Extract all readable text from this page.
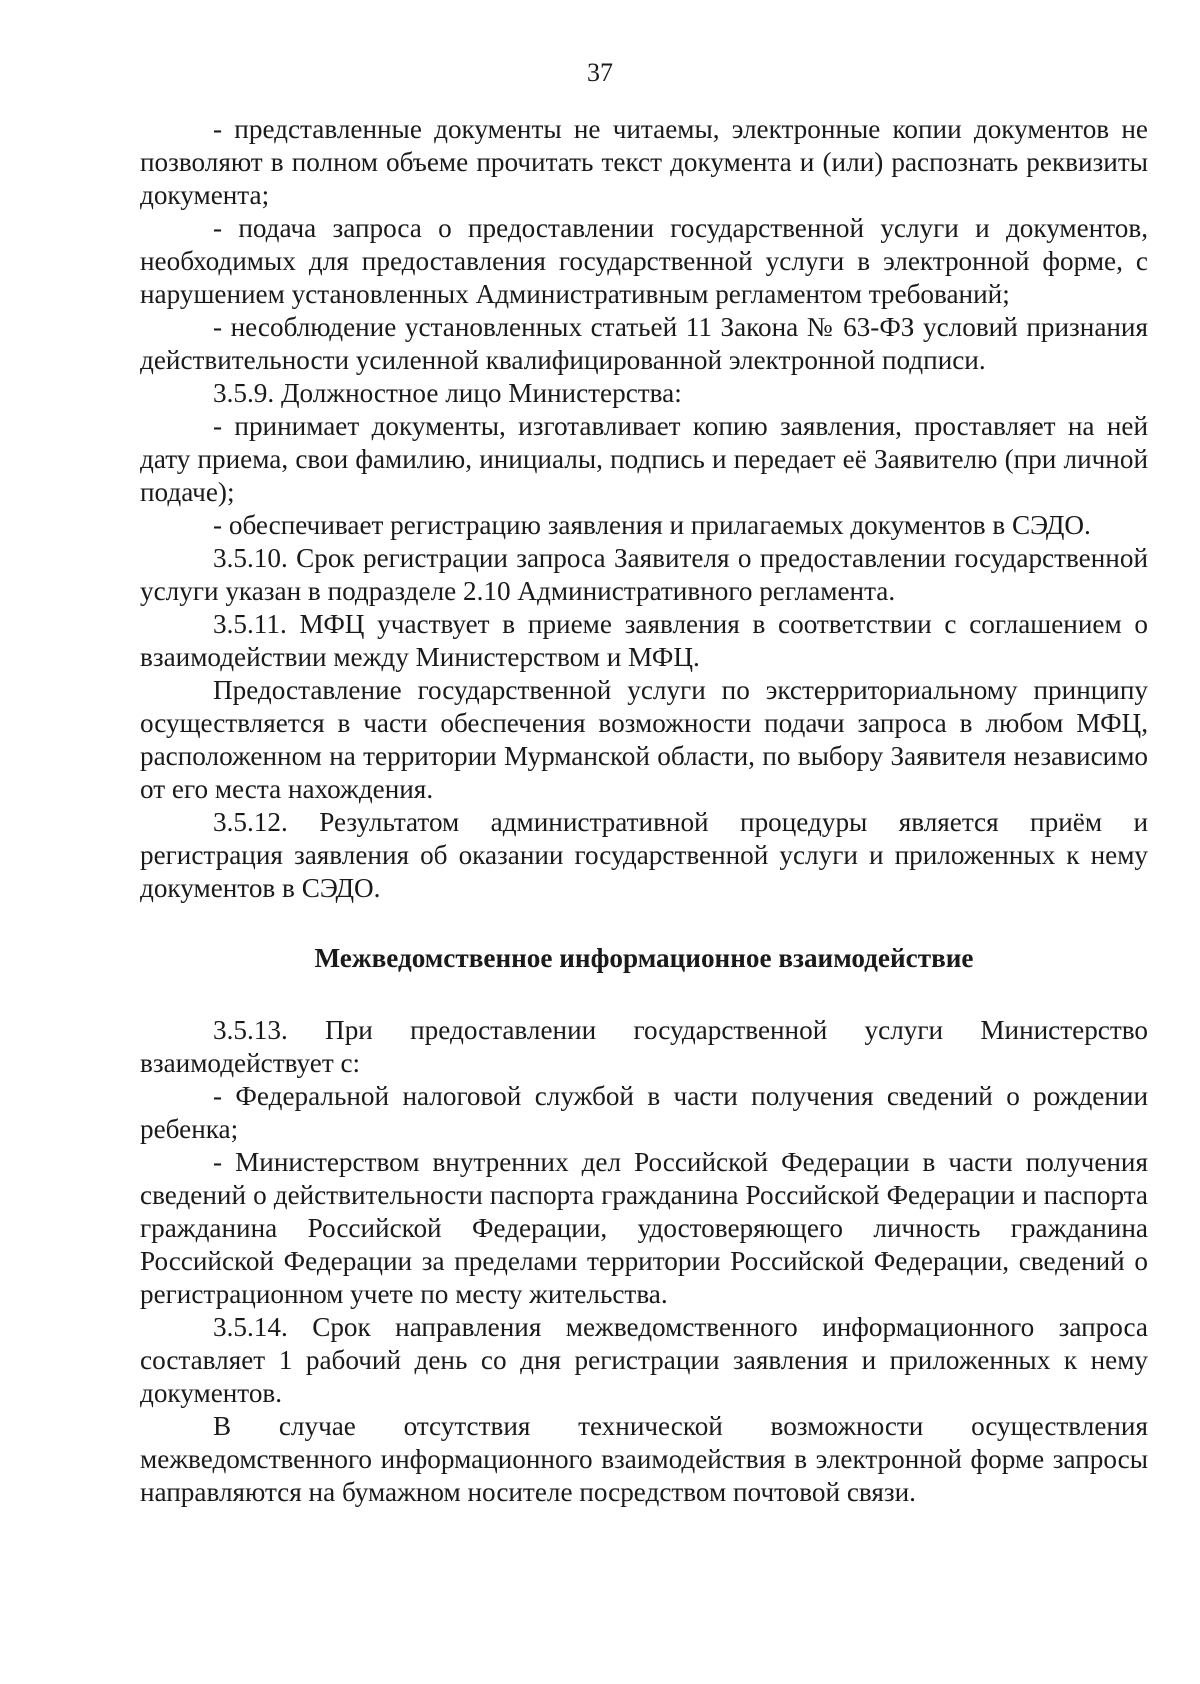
37

- представленные документы не читаемы, электронные копии документов не позволяют в полном объеме прочитать текст документа и (или) распознать реквизиты документа;

- подача запроса о предоставлении государственной услуги и документов, необходимых для предоставления государственной услуги в электронной форме, с нарушением установленных Административным регламентом требований;

- несоблюдение установленных статьей 11 Закона № 63-ФЗ условий признания действительности усиленной квалифицированной электронной подписи.

3.5.9. Должностное лицо Министерства:

- принимает документы, изготавливает копию заявления, проставляет на ней дату приема, свои фамилию, инициалы, подпись и передает её Заявителю (при личной подаче);

- обеспечивает регистрацию заявления и прилагаемых документов в СЭДО.

3.5.10. Срок регистрации запроса Заявителя о предоставлении государственной услуги указан в подразделе 2.10 Административного регламента.

3.5.11. МФЦ участвует в приеме заявления в соответствии с соглашением о взаимодействии между Министерством и МФЦ.

Предоставление государственной услуги по экстерриториальному принципу осуществляется в части обеспечения возможности подачи запроса в любом МФЦ, расположенном на территории Мурманской области, по выбору Заявителя независимо от его места нахождения.

3.5.12. Результатом административной процедуры является приём и регистрация заявления об оказании государственной услуги и приложенных к нему документов в СЭДО.

Межведомственное информационное взаимодействие

3.5.13. При предоставлении государственной услуги Министерство взаимодействует с:

- Федеральной налоговой службой в части получения сведений о рождении ребенка;

- Министерством внутренних дел Российской Федерации в части получения сведений о действительности паспорта гражданина Российской Федерации и паспорта гражданина Российской Федерации, удостоверяющего личность гражданина Российской Федерации за пределами территории Российской Федерации, сведений о регистрационном учете по месту жительства.

3.5.14. Срок направления межведомственного информационного запроса составляет 1 рабочий день со дня регистрации заявления и приложенных к нему документов.

В случае отсутствия технической возможности осуществления межведомственного информационного взаимодействия в электронной форме запросы направляются на бумажном носителе посредством почтовой связи.
